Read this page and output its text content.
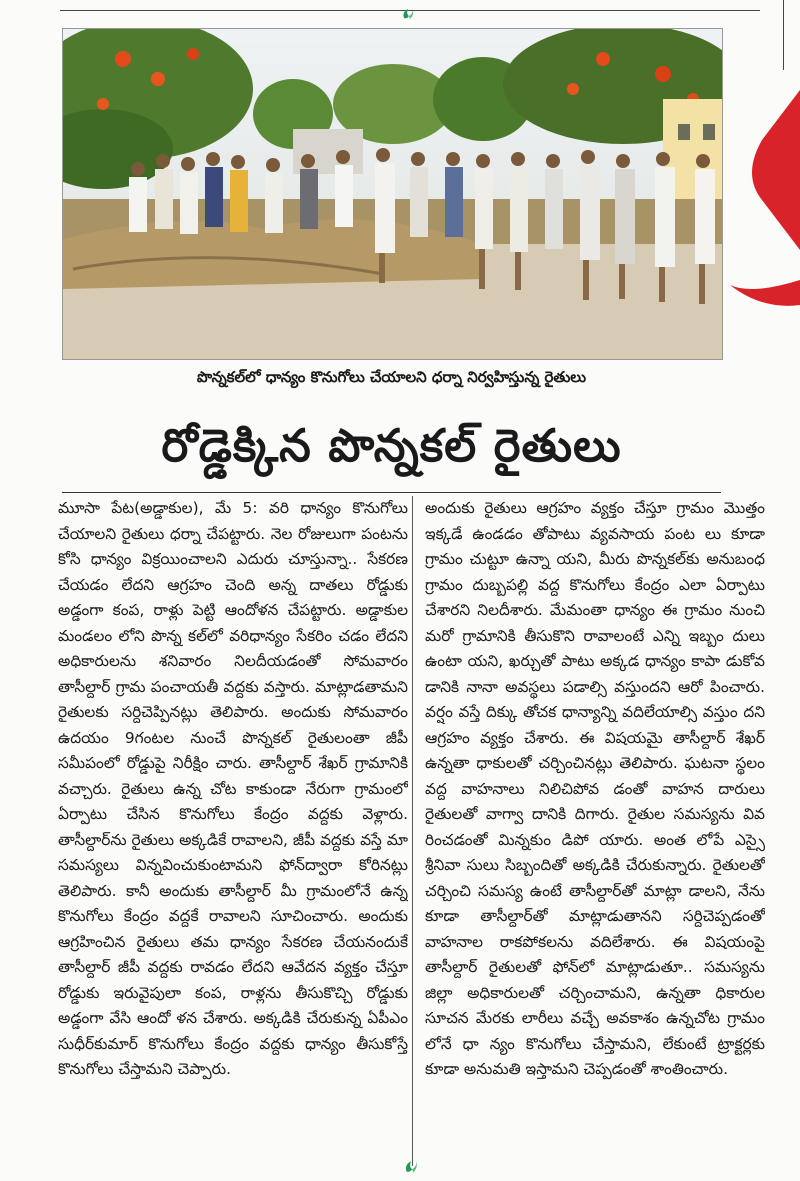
పొన్నకల్‌లో ధాన్యం కొనుగోలు చేయాలని ధర్నా నిర్వహిస్తున్న రైతులు
రోడ్డెక్కిన పొన్నకల్ రైతులు
మూసా పేట(అడ్డాకుల), మే 5: వరి ధాన్యం కొనుగోలు చేయాలని రైతులు ధర్నా చేపట్టారు. నెల రోజులుగా పంటను కోసి ధాన్యం విక్రయించాలని ఎదురు చూస్తున్నా.. సేకరణ చేయడం లేదని ఆగ్రహం చెంది అన్న దాతలు రోడ్డుకు అడ్డంగా కంప, రాళ్లు పెట్టి ఆందోళన చేపట్టారు. అడ్డాకుల మండలం లోని పొన్న కల్‌లో వరిధాన్యం సేకరిం చడం లేదని అధికారులను శనివారం నిలదీయడంతో సోమవారం తాసీల్దార్ గ్రామ పంచాయతీ వద్దకు వస్తారు. మాట్లాడతామని రైతులకు సర్దిచెప్పినట్లు తెలిపారు. అందుకు సోమవారం ఉదయం 9గంటల నుంచే పొన్నకల్ రైతులంతా జీపీ సమీపంలో రోడ్డుపై నిరీక్షిం చారు. తాసీల్దార్ శేఖర్ గ్రామానికి వచ్చారు. రైతులు ఉన్న చోట కాకుండా నేరుగా గ్రామంలో ఏర్పాటు చేసిన కొనుగోలు కేంద్రం వద్దకు వెళ్లారు. తాసీల్దార్‌ను రైతులు అక్కడికే రావాలని, జీపీ వద్దకు వస్తే మా సమస్యలు విన్నవించుకుంటామని ఫోన్‌ద్వారా కోరినట్లు తెలిపారు. కానీ అందుకు తాసీల్దార్ మీ గ్రామంలోనే ఉన్న కొనుగోలు కేంద్రం వద్దకే రావాలని సూచించారు. అందుకు ఆగ్రహించిన రైతులు తమ ధాన్యం సేకరణ చేయనందుకే తాసీల్దార్ జీపీ వద్దకు రావడం లేదని ఆవేదన వ్యక్తం చేస్తూ రోడ్డుకు ఇరువైపులా కంప, రాళ్లను తీసుకొచ్చి రోడ్డుకు అడ్డంగా వేసి ఆందో ళన చేశారు. అక్కడికి చేరుకున్న ఏపీఎం సుధీర్‌కుమార్ కొనుగోలు కేంద్రం వద్దకు ధాన్యం తీసుకోస్తే కొనుగోలు చేస్తామని చెప్పారు.
అందుకు రైతులు ఆగ్రహం వ్యక్తం చేస్తూ గ్రామం మొత్తం ఇక్కడే ఉండడం తోపాటు వ్యవసాయ పంట లు కూడా గ్రామం చుట్టూ ఉన్నా యని, మీరు పొన్నకల్‌కు అనుబంధ గ్రామం దుబ్బపల్లి వద్ద కొనుగోలు కేంద్రం ఎలా ఏర్పాటు చేశారని నిలదీశారు. మేమంతా ధాన్యం ఈ గ్రామం నుంచి మరో గ్రామానికి తీసుకొని రావాలంటే ఎన్ని ఇబ్బం దులు ఉంటా యని, ఖర్చుతో పాటు అక్కడ ధాన్యం కాపా డుకోవ డానికి నానా అవస్థలు పడాల్సి వస్తుందని ఆరో పించారు. వర్షం వస్తే దిక్కు తోచక ధాన్యాన్ని వదిలేయాల్సి వస్తుం దని ఆగ్రహం వ్యక్తం చేశారు. ఈ విషయమై తాసీల్దార్ శేఖర్ ఉన్నతా ధాకులతో చర్చించినట్లు తెలిపారు. ఘటనా స్థలం వద్ద వాహనాలు నిలిచిపోవ డంతో వాహన దారులు రైతులతో వాగ్వా దానికి దిగారు. రైతుల సమస్యను వివ రించడంతో మిన్నకుం డిపో యారు. అంత లోపే ఎస్సై శ్రీనివా సులు సిబ్బందితో అక్కడికి చేరుకున్నారు. రైతులతో చర్చించి సమస్య ఉంటే తాసీల్దార్‌తో మాట్లా డాలని, నేను కూడా తాసీల్దార్‌తో మాట్లాడుతానని సర్దిచెప్పడంతో వాహనాల రాకపోకలను వదిలేశారు. ఈ విషయంపై తాసీల్దార్ రైతులతో ఫోన్‌లో మాట్లాడుతూ.. సమస్యను జిల్లా అధికారులతో చర్చించామని, ఉన్నతా ధికారుల సూచన మేరకు లారీలు వచ్చే అవకాశం ఉన్నచోట గ్రామం లోనే ధా న్యం కొనుగోలు చేస్తామని, లేకుంటే ట్రాక్టర్లకు కూడా అనుమతి ఇస్తామని చెప్పడంతో శాంతించారు.
